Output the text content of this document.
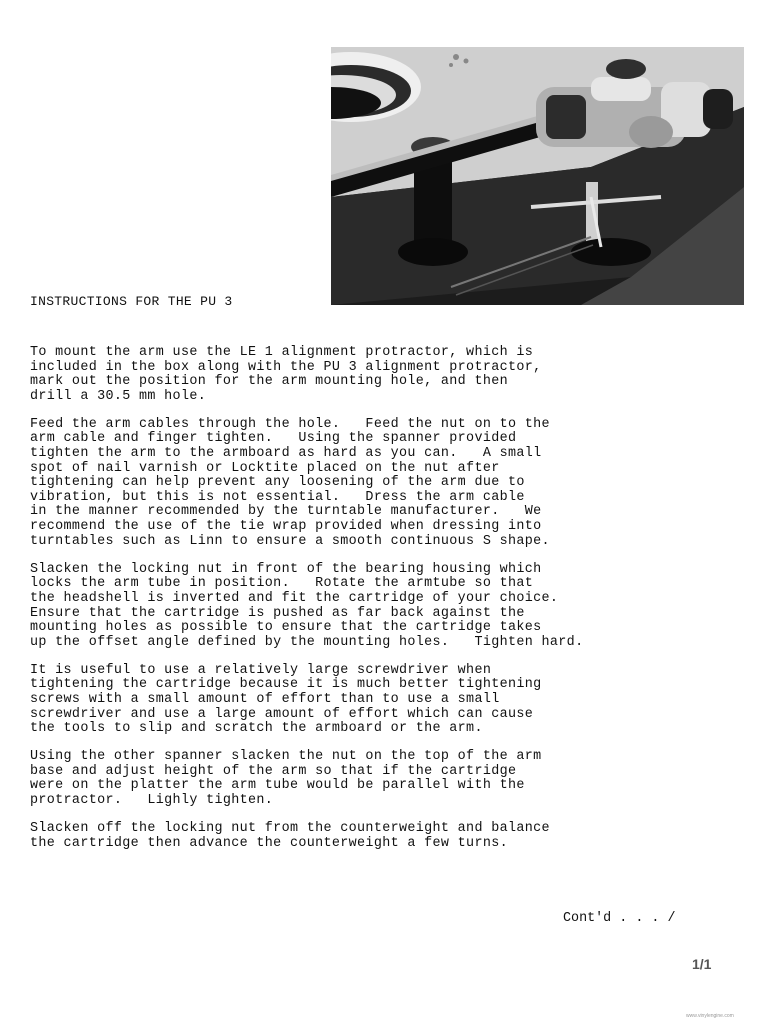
INSTRUCTIONS FOR THE PU 3
To mount the arm use the LE 1 alignment protractor, which is
included in the box along with the PU 3 alignment protractor,
mark out the position for the arm mounting hole, and then
drill a 30.5 mm hole.
Feed the arm cables through the hole.   Feed the nut on to the
arm cable and finger tighten.   Using the spanner provided
tighten the arm to the armboard as hard as you can.   A small
spot of nail varnish or Locktite placed on the nut after
tightening can help prevent any loosening of the arm due to
vibration, but this is not essential.   Dress the arm cable
in the manner recommended by the turntable manufacturer.   We
recommend the use of the tie wrap provided when dressing into
turntables such as Linn to ensure a smooth continuous S shape.
Slacken the locking nut in front of the bearing housing which
locks the arm tube in position.   Rotate the armtube so that
the headshell is inverted and fit the cartridge of your choice.
Ensure that the cartridge is pushed as far back against the
mounting holes as possible to ensure that the cartridge takes
up the offset angle defined by the mounting holes.   Tighten hard.
It is useful to use a relatively large screwdriver when
tightening the cartridge because it is much better tightening
screws with a small amount of effort than to use a small
screwdriver and use a large amount of effort which can cause
the tools to slip and scratch the armboard or the arm.
Using the other spanner slacken the nut on the top of the arm
base and adjust height of the arm so that if the cartridge
were on the platter the arm tube would be parallel with the
protractor.   Lighly tighten.
Slacken off the locking nut from the counterweight and balance
the cartridge then advance the counterweight a few turns.
Cont'd . . . /
1/1
www.vinylengine.com
